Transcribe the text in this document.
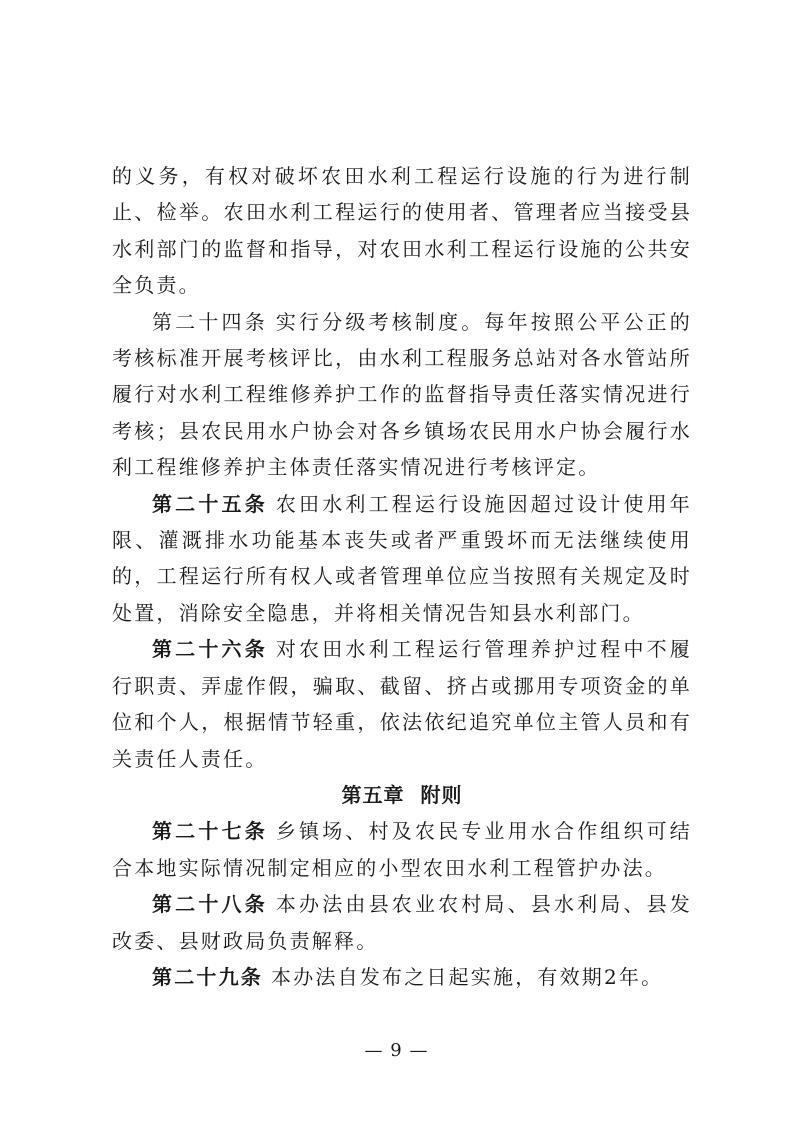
的义务，有权对破坏农田水利工程运行设施的行为进行制止、检举。农田水利工程运行的使用者、管理者应当接受县水利部门的监督和指导，对农田水利工程运行设施的公共安全负责。

第二十四条 实行分级考核制度。每年按照公平公正的考核标准开展考核评比，由水利工程服务总站对各水管站所履行对水利工程维修养护工作的监督指导责任落实情况进行考核；县农民用水户协会对各乡镇场农民用水户协会履行水利工程维修养护主体责任落实情况进行考核评定。

第二十五条 农田水利工程运行设施因超过设计使用年限、灌溉排水功能基本丧失或者严重毁坏而无法继续使用的，工程运行所有权人或者管理单位应当按照有关规定及时处置，消除安全隐患，并将相关情况告知县水利部门。

第二十六条 对农田水利工程运行管理养护过程中不履行职责、弄虚作假，骗取、截留、挤占或挪用专项资金的单位和个人，根据情节轻重，依法依纪追究单位主管人员和有关责任人责任。

第五章 附则

第二十七条 乡镇场、村及农民专业用水合作组织可结合本地实际情况制定相应的小型农田水利工程管护办法。

第二十八条 本办法由县农业农村局、县水利局、县发改委、县财政局负责解释。

第二十九条 本办法自发布之日起实施，有效期2年。

— 9 —
